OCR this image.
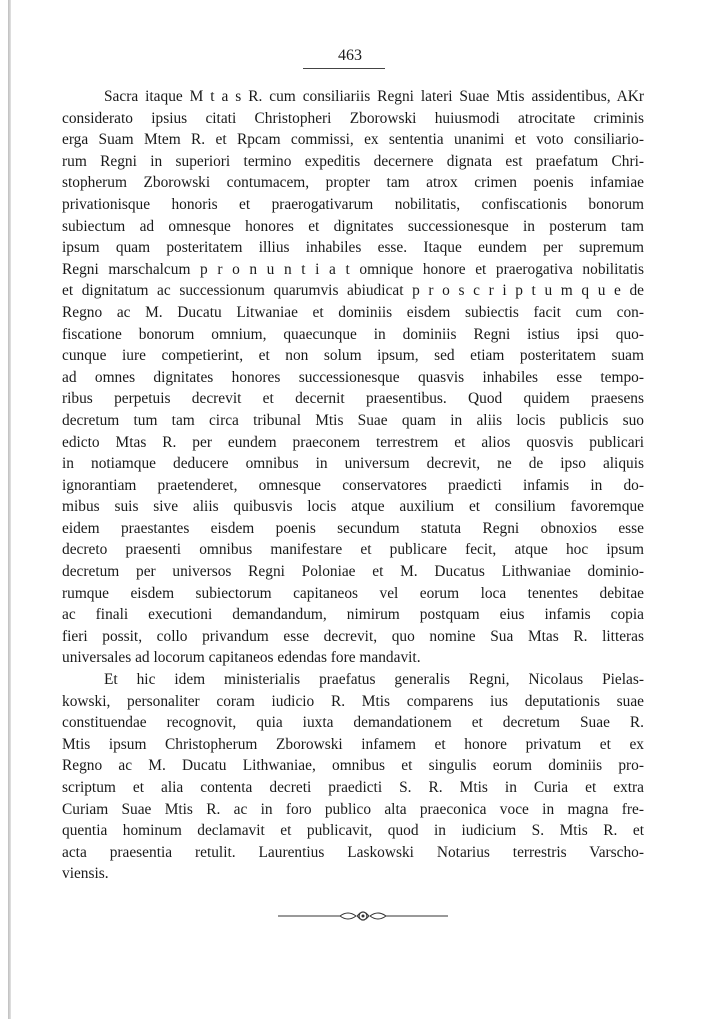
463
Sacra itaque M t a s R. cum consiliariis Regni lateri Suae Mtis assidentibus, AKr
considerato ipsius citati Christopheri Zborowski huiusmodi atrocitate criminis
erga Suam Mtem R. et Rpcam commissi, ex sententia unanimi et voto consiliario-
rum Regni in superiori termino expeditis decernere dignata est praefatum Chri-
stopherum Zborowski contumacem, propter tam atrox crimen poenis infamiae
privationisque honoris et praerogativarum nobilitatis, confiscationis bonorum
subiectum ad omnesque honores et dignitates successionesque in posterum tam
ipsum quam posteritatem illius inhabiles esse. Itaque eundem per supremum
Regni marschalcum p r o n u n t i a t omnique honore et praerogativa nobilitatis
et dignitatum ac successionum quarumvis abiudicat p r o s c r i p t u m q u e de
Regno ac M. Ducatu Litwaniae et dominiis eisdem subiectis facit cum con-
fiscatione bonorum omnium, quaecunque in dominiis Regni istius ipsi quo-
cunque iure competierint, et non solum ipsum, sed etiam posteritatem suam
ad omnes dignitates honores successionesque quasvis inhabiles esse tempo-
ribus perpetuis decrevit et decernit praesentibus. Quod quidem praesens
decretum tum tam circa tribunal Mtis Suae quam in aliis locis publicis suo
edicto Mtas R. per eundem praeconem terrestrem et alios quosvis publicari
in notiamque deducere omnibus in universum decrevit, ne de ipso aliquis
ignorantiam praetenderet, omnesque conservatores praedicti infamis in do-
mibus suis sive aliis quibusvis locis atque auxilium et consilium favoremque
eidem praestantes eisdem poenis secundum statuta Regni obnoxios esse
decreto praesenti omnibus manifestare et publicare fecit, atque hoc ipsum
decretum per universos Regni Poloniae et M. Ducatus Lithwaniae dominio-
rumque eisdem subiectorum capitaneos vel eorum loca tenentes debitae
ac finali executioni demandandum, nimirum postquam eius infamis copia
fieri possit, collo privandum esse decrevit, quo nomine Sua Mtas R. litteras
universales ad locorum capitaneos edendas fore mandavit.
Et hic idem ministerialis praefatus generalis Regni, Nicolaus Pielas-
kowski, personaliter coram iudicio R. Mtis comparens ius deputationis suae
constituendae recognovit, quia iuxta demandationem et decretum Suae R.
Mtis ipsum Christopherum Zborowski infamem et honore privatum et ex
Regno ac M. Ducatu Lithwaniae, omnibus et singulis eorum dominiis pro-
scriptum et alia contenta decreti praedicti S. R. Mtis in Curia et extra
Curiam Suae Mtis R. ac in foro publico alta praeconica voce in magna fre-
quentia hominum declamavit et publicavit, quod in iudicium S. Mtis R. et
acta praesentia retulit. Laurentius Laskowski Notarius terrestris Varscho-
viensis.
